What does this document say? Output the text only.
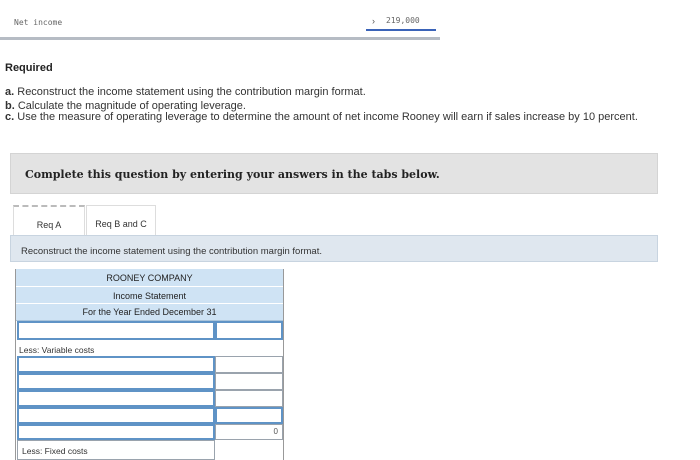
Net income	› 219,000
Required
a. Reconstruct the income statement using the contribution margin format.
b. Calculate the magnitude of operating leverage.
c. Use the measure of operating leverage to determine the amount of net income Rooney will earn if sales increase by 10 percent.
Complete this question by entering your answers in the tabs below.
Req A	Req B and C
Reconstruct the income statement using the contribution margin format.
ROONEY COMPANY
Income Statement
For the Year Ended December 31
Less: Variable costs
0
Less: Fixed costs
